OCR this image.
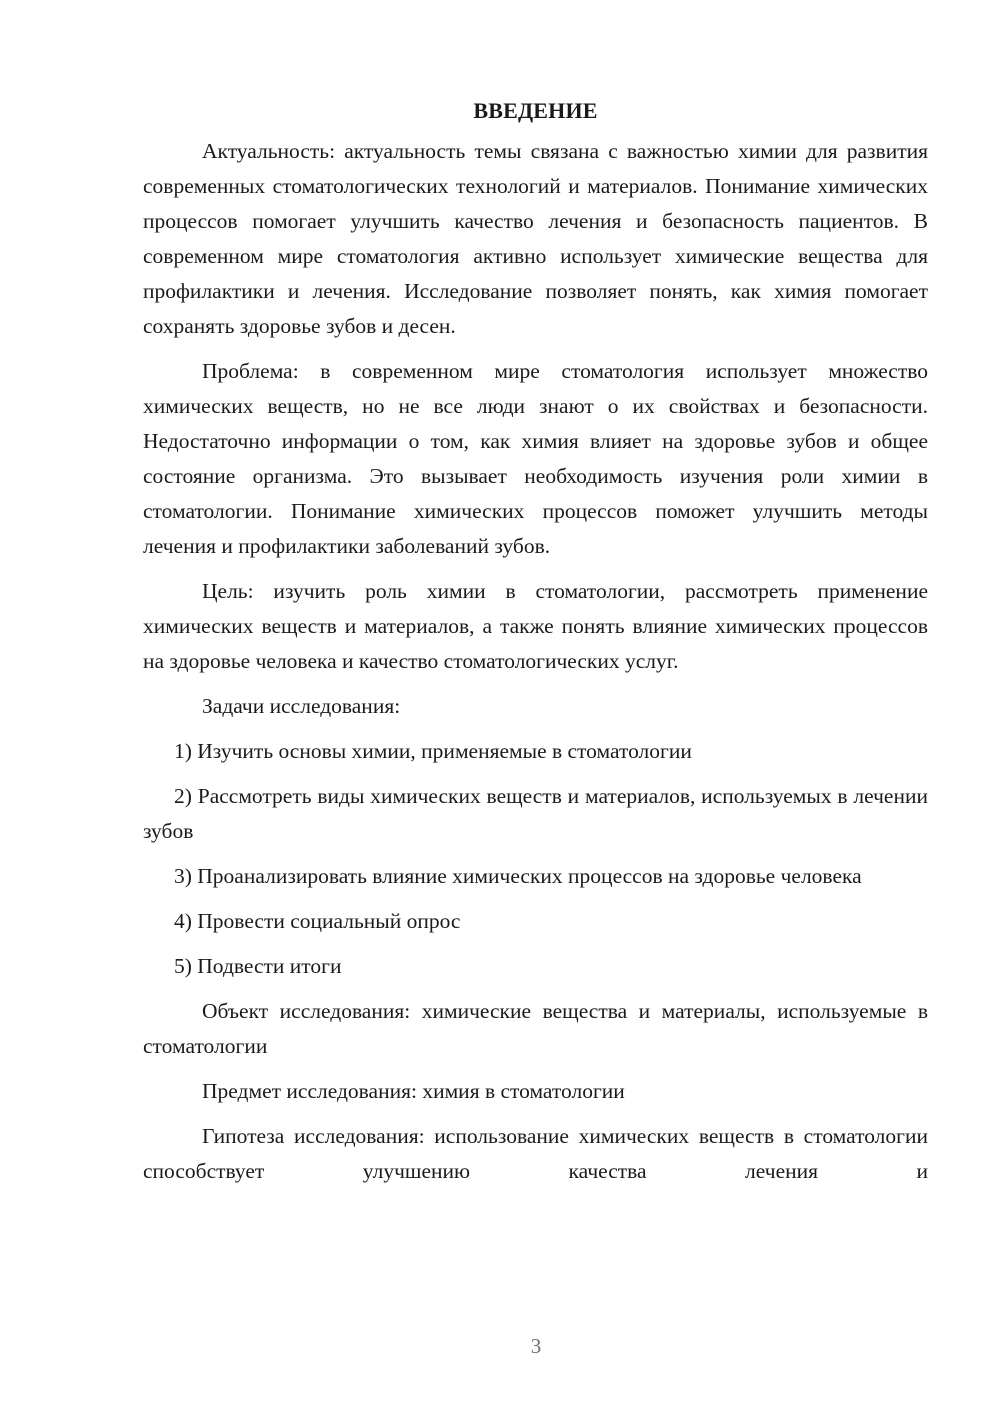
ВВЕДЕНИЕ

Актуальность: актуальность темы связана с важностью химии для развития современных стоматологических технологий и материалов. Понимание химических процессов помогает улучшить качество лечения и безопасность пациентов. В современном мире стоматология активно использует химические вещества для профилактики и лечения. Исследование позволяет понять, как химия помогает сохранять здоровье зубов и десен.

Проблема: в современном мире стоматология использует множество химических веществ, но не все люди знают о их свойствах и безопасности. Недостаточно информации о том, как химия влияет на здоровье зубов и общее состояние организма. Это вызывает необходимость изучения роли химии в стоматологии. Понимание химических процессов поможет улучшить методы лечения и профилактики заболеваний зубов.

Цель: изучить роль химии в стоматологии, рассмотреть применение химических веществ и материалов, а также понять влияние химических процессов на здоровье человека и качество стоматологических услуг.

Задачи исследования:

1) Изучить основы химии, применяемые в стоматологии

2) Рассмотреть виды химических веществ и материалов, используемых в лечении зубов

3) Проанализировать влияние химических процессов на здоровье человека

4) Провести социальный опрос

5) Подвести итоги

Объект исследования: химические вещества и материалы, используемые в стоматологии

Предмет исследования: химия в стоматологии

Гипотеза исследования: использование химических веществ в стоматологии способствует улучшению качества лечения и

3
